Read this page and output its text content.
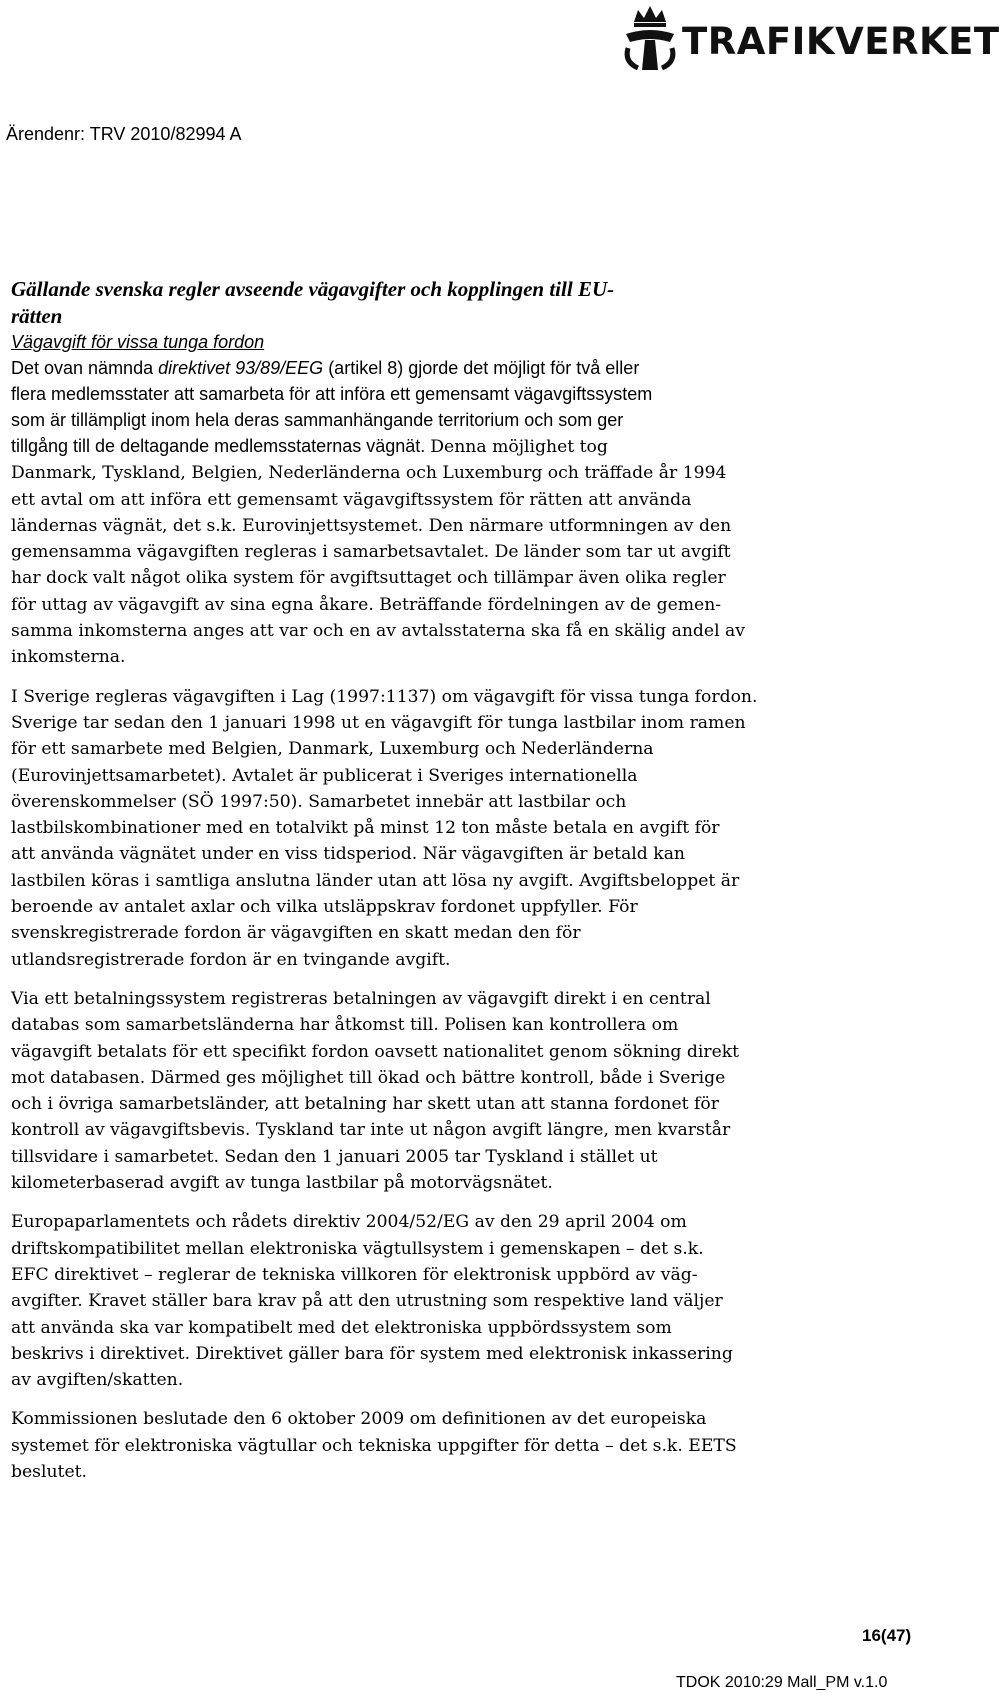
TRAFIKVERKET
Ärendenr: TRV 2010/82994 A

Gällande svenska regler avseende vägavgifter och kopplingen till EU-
rätten

Vägavgift för vissa tunga fordon

Det ovan nämnda direktivet 93/89/EEG (artikel 8) gjorde det möjligt för två eller
flera medlemsstater att samarbeta för att införa ett gemensamt vägavgiftssystem
som är tillämpligt inom hela deras sammanhängande territorium och som ger
tillgång till de deltagande medlemsstaternas vägnät. Denna möjlighet tog

Danmark, Tyskland, Belgien, Nederländerna och Luxemburg och träffade år 1994
ett avtal om att införa ett gemensamt vägavgiftssystem för rätten att använda
ländernas vägnät, det s.k. Eurovinjettsystemet. Den närmare utformningen av den
gemensamma vägavgiften regleras i samarbetsavtalet. De länder som tar ut avgift
har dock valt något olika system för avgiftsuttaget och tillämpar även olika regler
för uttag av vägavgift av sina egna åkare. Beträffande fördelningen av de gemen-
samma inkomsterna anges att var och en av avtalsstaterna ska få en skälig andel av
inkomsterna.

I Sverige regleras vägavgiften i Lag (1997:1137) om vägavgift för vissa tunga fordon.
Sverige tar sedan den 1 januari 1998 ut en vägavgift för tunga lastbilar inom ramen
för ett samarbete med Belgien, Danmark, Luxemburg och Nederländerna
(Eurovinjettsamarbetet). Avtalet är publicerat i Sveriges internationella
överenskommelser (SÖ 1997:50). Samarbetet innebär att lastbilar och
lastbilskombinationer med en totalvikt på minst 12 ton måste betala en avgift för
att använda vägnätet under en viss tidsperiod. När vägavgiften är betald kan
lastbilen köras i samtliga anslutna länder utan att lösa ny avgift. Avgiftsbeloppet är
beroende av antalet axlar och vilka utsläppskrav fordonet uppfyller. För
svenskregistrerade fordon är vägavgiften en skatt medan den för
utlandsregistrerade fordon är en tvingande avgift.

Via ett betalningssystem registreras betalningen av vägavgift direkt i en central
databas som samarbetsländerna har åtkomst till. Polisen kan kontrollera om
vägavgift betalats för ett specifikt fordon oavsett nationalitet genom sökning direkt
mot databasen. Därmed ges möjlighet till ökad och bättre kontroll, både i Sverige
och i övriga samarbetsländer, att betalning har skett utan att stanna fordonet för
kontroll av vägavgiftsbevis. Tyskland tar inte ut någon avgift längre, men kvarstår
tillsvidare i samarbetet. Sedan den 1 januari 2005 tar Tyskland i stället ut
kilometerbaserad avgift av tunga lastbilar på motorvägsnätet.

Europaparlamentets och rådets direktiv 2004/52/EG av den 29 april 2004 om
driftskompatibilitet mellan elektroniska vägtullsystem i gemenskapen – det s.k.
EFC direktivet – reglerar de tekniska villkoren för elektronisk uppbörd av väg-
avgifter. Kravet ställer bara krav på att den utrustning som respektive land väljer
att använda ska var kompatibelt med det elektroniska uppbördssystem som
beskrivs i direktivet. Direktivet gäller bara för system med elektronisk inkassering
av avgiften/skatten.

Kommissionen beslutade den 6 oktober 2009 om definitionen av det europeiska
systemet för elektroniska vägtullar och tekniska uppgifter för detta – det s.k. EETS
beslutet.

16(47)
TDOK 2010:29 Mall_PM v.1.0
